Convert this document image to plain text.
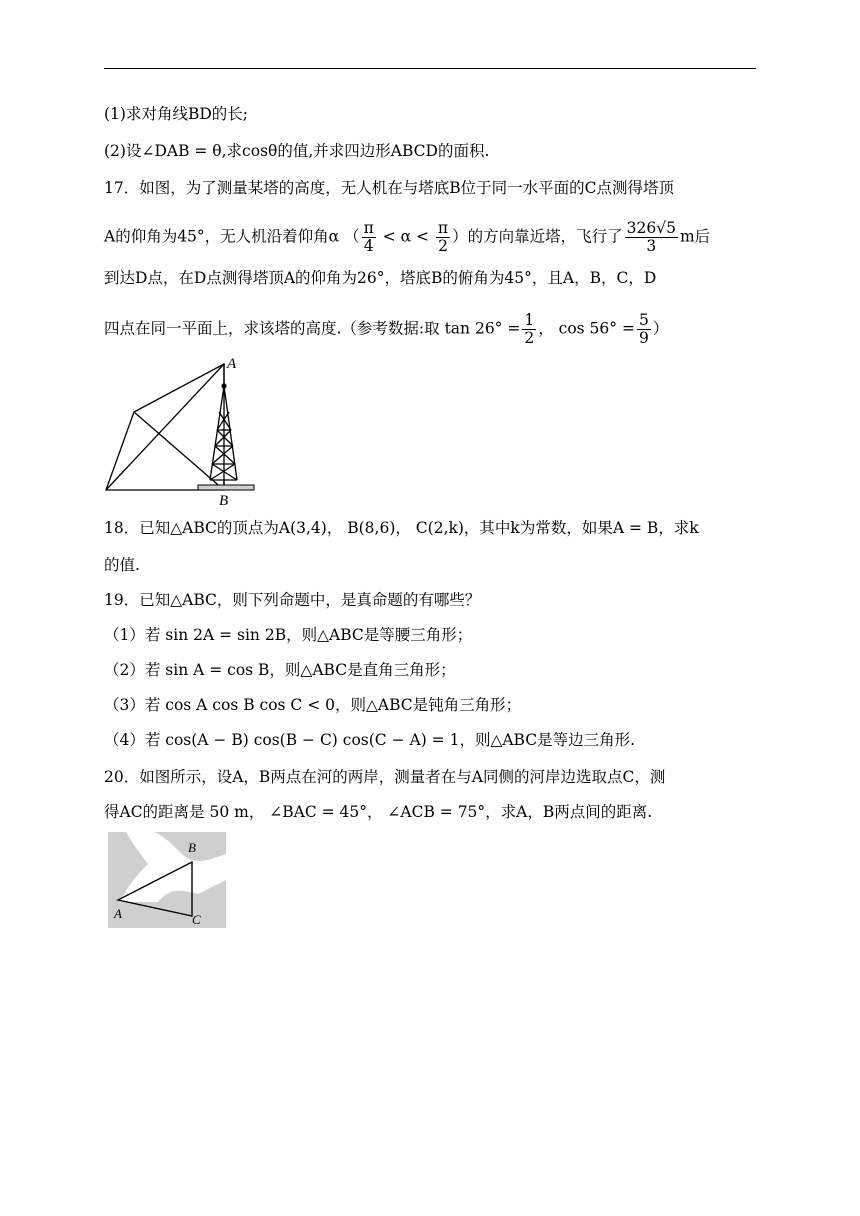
(1)求对角线BD的长;
(2)设∠DAB = θ,求cosθ的值,并求四边形ABCD的面积.
17．如图，为了测量某塔的高度，无人机在与塔底B位于同一水平面的C点测得塔顶
A的仰角为45°，无人机沿着仰角α （ $\frac{\pi}{4} < \alpha < \frac{\pi}{2}$ ）的方向靠近塔，飞行了 $\frac{326√5}{3}$ m后
到达D点，在D点测得塔顶A的仰角为26°，塔底B的俯角为45°，且A，B，C，D
四点在同一平面上，求该塔的高度.（参考数据:取 $\tan 26^\circ = \frac{1}{2}$ ， $\cos 56^\circ = \frac{5}{9}$ ）
A
B
18．已知△ABC的顶点为A(3,4)， B(8,6)， C(2,k)，其中k为常数，如果A = B，求k
的值.
19．已知△ABC，则下列命题中，是真命题的有哪些？
（1）若 sin 2A = sin 2B，则△ABC是等腰三角形；
（2）若 sin A = cos B，则△ABC是直角三角形；
（3）若 cos A cos B cos C < 0，则△ABC是钝角三角形；
（4）若 cos(A − B) cos(B − C) cos(C − A) = 1，则△ABC是等边三角形.
20．如图所示，设A，B两点在河的两岸，测量者在与A同侧的河岸边选取点C，测
得AC的距离是 50 m， ∠BAC = 45°， ∠ACB = 75°，求A，B两点间的距离.
A
B
C
